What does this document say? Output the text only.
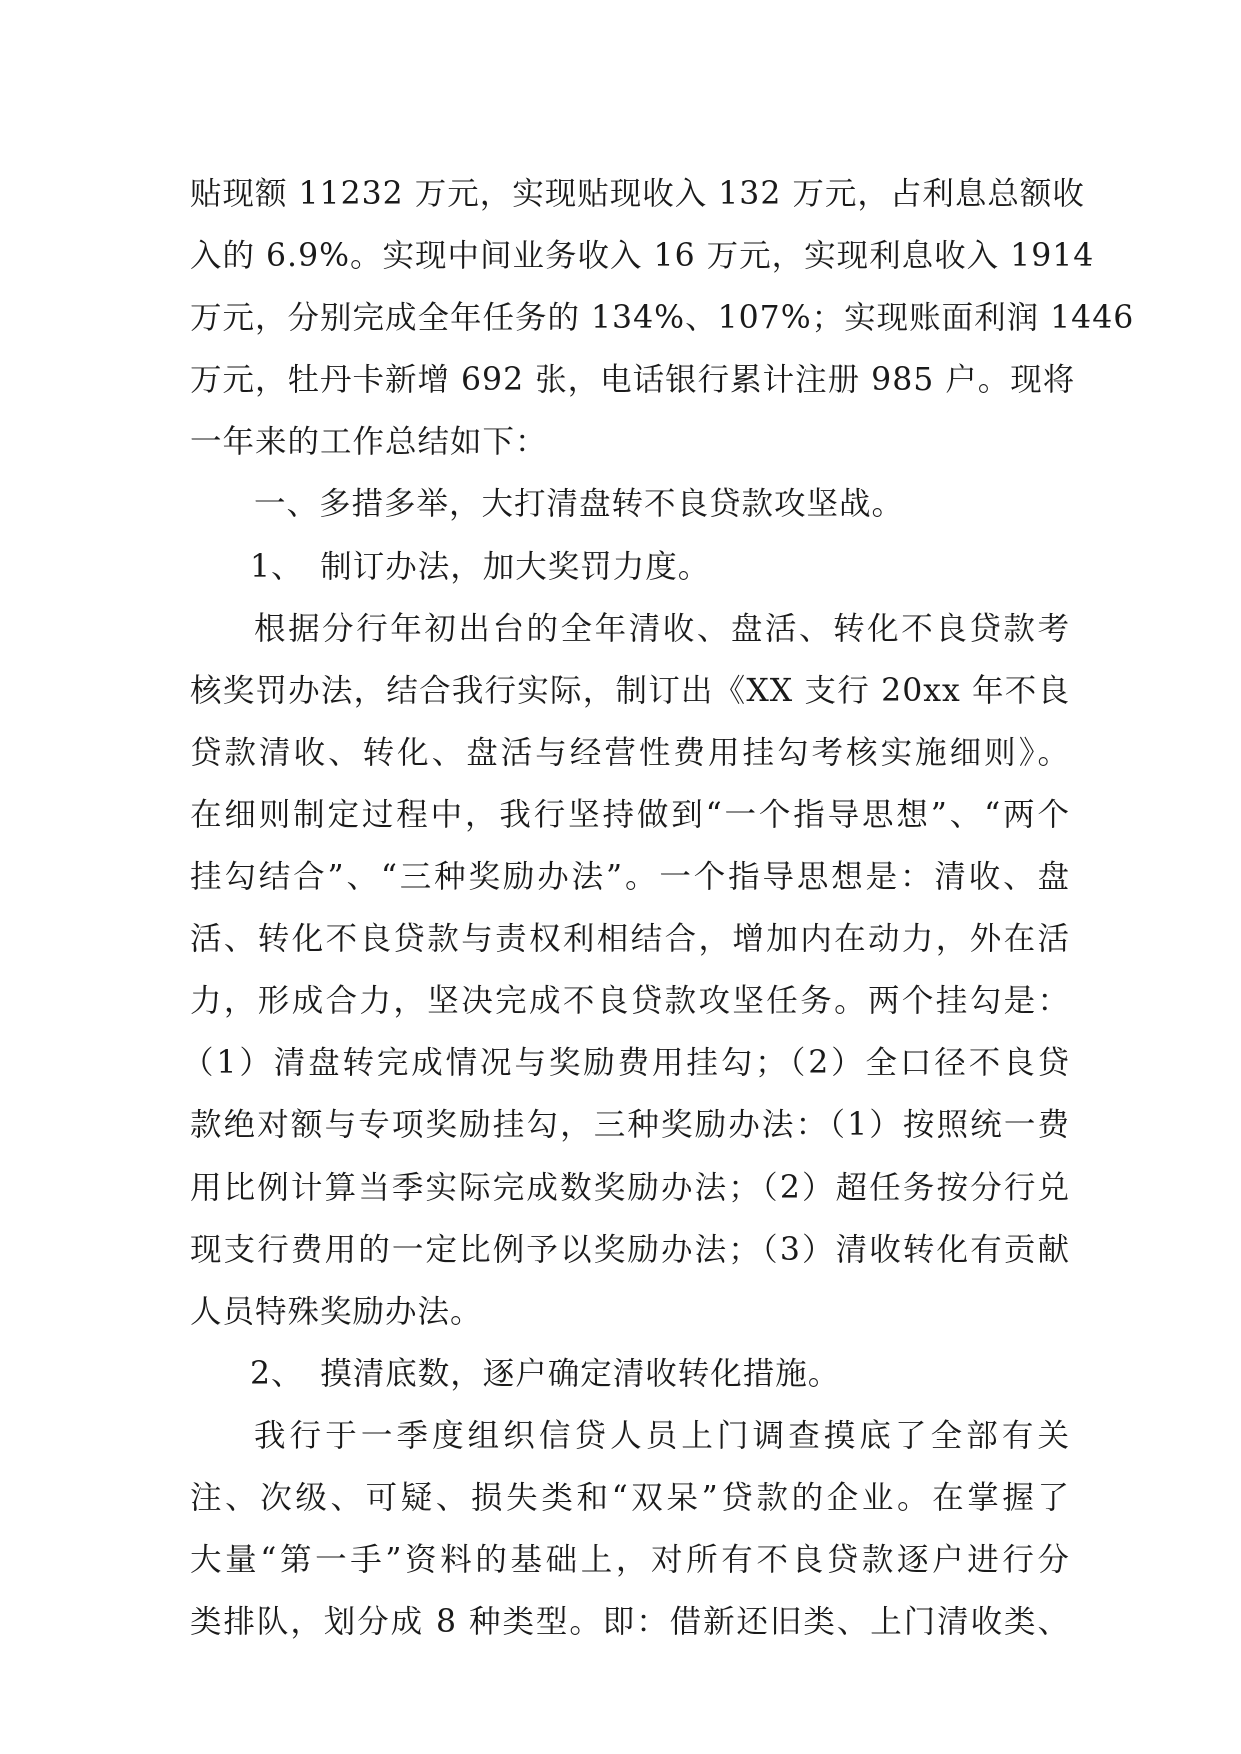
贴现额 11232 万元，实现贴现收入 132 万元，占利息总额收
入的 6.9%。实现中间业务收入 16 万元，实现利息收入 1914
万元，分别完成全年任务的 134%、107%；实现账面利润 1446
万元，牡丹卡新增 692 张，电话银行累计注册 985 户。现将
一年来的工作总结如下：
一、多措多举，大打清盘转不良贷款攻坚战。
1、　制订办法，加大奖罚力度。
根据分行年初出台的全年清收、盘活、转化不良贷款考
核奖罚办法，结合我行实际，制订出《XX 支行 20xx 年不良
贷款清收、转化、盘活与经营性费用挂勾考核实施细则》。
在细则制定过程中，我行坚持做到“一个指导思想”、“两个
挂勾结合”、“三种奖励办法”。一个指导思想是：清收、盘
活、转化不良贷款与责权利相结合，增加内在动力，外在活
力，形成合力，坚决完成不良贷款攻坚任务。两个挂勾是：
（1）清盘转完成情况与奖励费用挂勾；（2）全口径不良贷
款绝对额与专项奖励挂勾，三种奖励办法：（1）按照统一费
用比例计算当季实际完成数奖励办法；（2）超任务按分行兑
现支行费用的一定比例予以奖励办法；（3）清收转化有贡献
人员特殊奖励办法。
2、　摸清底数，逐户确定清收转化措施。
我行于一季度组织信贷人员上门调查摸底了全部有关
注、次级、可疑、损失类和“双呆”贷款的企业。在掌握了
大量“第一手”资料的基础上，对所有不良贷款逐户进行分
类排队，划分成 8 种类型。即：借新还旧类、上门清收类、
